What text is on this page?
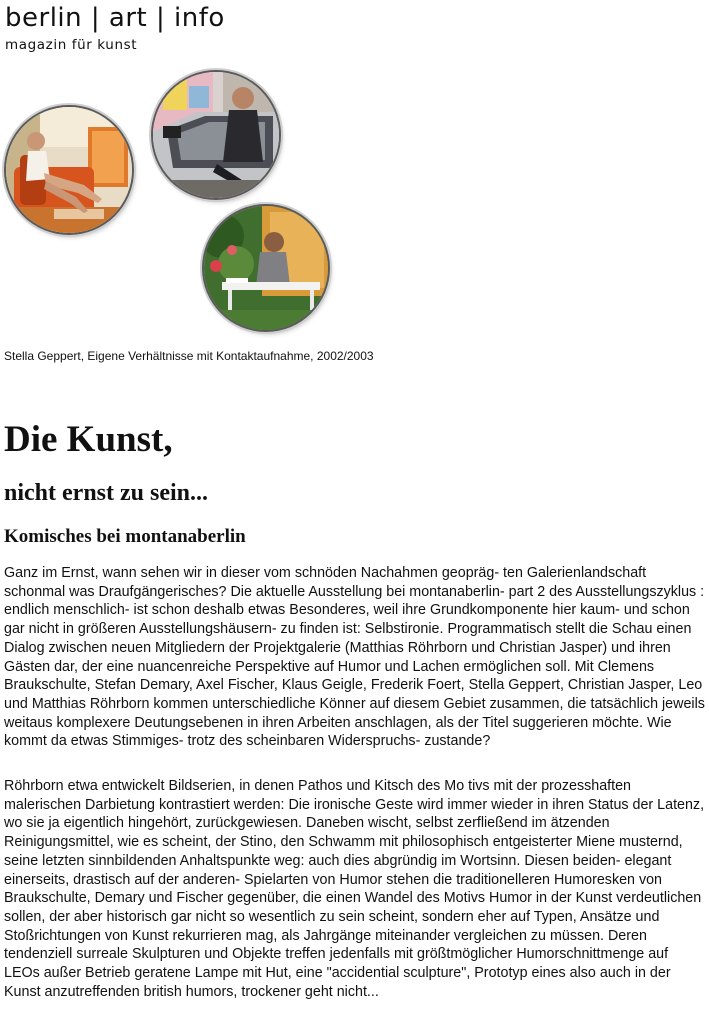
berlin | art | info
magazin für kunst
Stella Geppert, Eigene Verhältnisse mit Kontaktaufnahme, 2002/2003
Die Kunst,
nicht ernst zu sein...
Komisches bei montanaberlin

Ganz im Ernst, wann sehen wir in dieser vom schnöden Nachahmen geopräg- ten Galerienlandschaft schonmal was Draufgängerisches? Die aktuelle Ausstellung bei montanaberlin- part 2 des Ausstellungszyklus : endlich menschlich- ist schon deshalb etwas Besonderes, weil ihre Grundkomponente hier kaum- und schon gar nicht in größeren Ausstellungshäusern- zu finden ist: Selbstironie. Programmatisch stellt die Schau einen Dialog zwischen neuen Mitgliedern der Projektgalerie (Matthias Röhrborn und Christian Jasper) und ihren Gästen dar, der eine nuancenreiche Perspektive auf Humor und Lachen ermöglichen soll. Mit Clemens Braukschulte, Stefan Demary, Axel Fischer, Klaus Geigle, Frederik Foert, Stella Geppert, Christian Jasper, Leo und Matthias Röhrborn kommen unterschiedliche Könner auf diesem Gebiet zusammen, die tatsächlich jeweils weitaus komplexere Deutungsebenen in ihren Arbeiten anschlagen, als der Titel suggerieren möchte. Wie kommt da etwas Stimmiges- trotz des scheinbaren Widerspruchs- zustande?

Röhrborn etwa entwickelt Bildserien, in denen Pathos und Kitsch des Mo tivs mit der prozesshaften malerischen Darbietung kontrastiert werden: Die ironische Geste wird immer wieder in ihren Status der Latenz, wo sie ja eigentlich hingehört, zurückgewiesen. Daneben wischt, selbst zerfließend im ätzenden Reinigungsmittel, wie es scheint, der Stino, den Schwamm mit philosophisch entgeisterter Miene musternd, seine letzten sinnbildenden Anhaltspunkte weg: auch dies abgründig im Wortsinn. Diesen beiden- elegant einerseits, drastisch auf der anderen- Spielarten von Humor stehen die traditionelleren Humoresken von Braukschulte, Demary und Fischer gegenüber, die einen Wandel des Motivs Humor in der Kunst verdeutlichen sollen, der aber historisch gar nicht so wesentlich zu sein scheint, sondern eher auf Typen, Ansätze und Stoßrichtungen von Kunst rekurrieren mag, als Jahrgänge miteinander vergleichen zu müssen. Deren tendenziell surreale Skulpturen und Objekte treffen jedenfalls mit größtmöglicher Humorschnittmenge auf LEOs außer Betrieb geratene Lampe mit Hut, eine "accidential sculpture", Prototyp eines also auch in der Kunst anzutreffenden british humors, trockener geht nicht...
